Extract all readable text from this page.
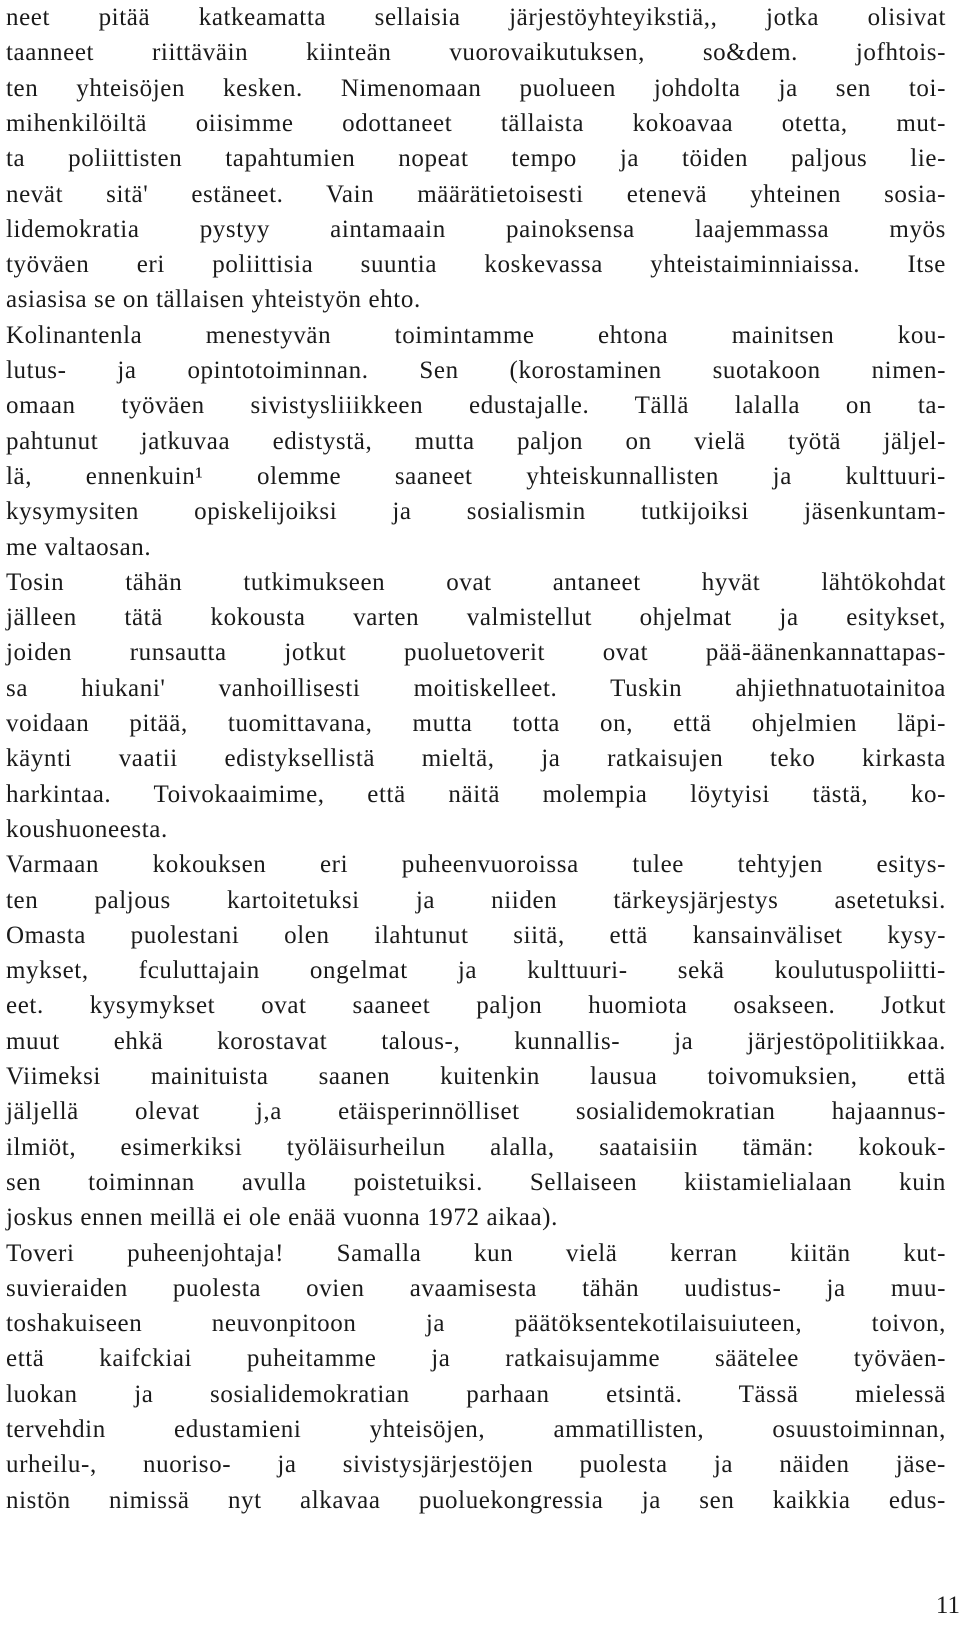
neet pitää katkeamatta sellaisia järjestöyhteyikstiä,, jotka olisivat
taanneet riittäväin kiinteän vuorovaikutuksen, so&dem. jofhtois-
ten yhteisöjen kesken. Nimenomaan puolueen johdolta ja sen toi-
mihenkilöiltä oiisimme odottaneet tällaista kokoavaa otetta, mut-
ta poliittisten tapahtumien nopeat tempo ja töiden paljous lie-
nevät sitä' estäneet. Vain määrätietoisesti etenevä yhteinen sosia-
lidemokratia pystyy aintamaain painoksensa laajemmassa myös
työväen eri poliittisia suuntia koskevassa yhteistaiminniaissa. Itse
asiasisa se on tällaisen yhteistyön ehto.
Kolinantenla menestyvän toimintamme ehtona mainitsen kou-
lutus- ja opintotoiminnan. Sen (korostaminen suotakoon nimen-
omaan työväen sivistysliiikkeen edustajalle. Tällä lalalla on ta-
pahtunut jatkuvaa edistystä, mutta paljon on vielä työtä jäljel-
lä, ennenkuin¹ olemme saaneet yhteiskunnallisten ja kulttuuri-
kysymysiten opiskelijoiksi ja sosialismin tutkijoiksi jäsenkuntam-
me valtaosan.
Tosin tähän tutkimukseen ovat antaneet hyvät lähtökohdat
jälleen tätä kokousta varten valmistellut ohjelmat ja esitykset,
joiden runsautta jotkut puoluetoverit ovat pää-äänenkannattapas-
sa hiukani' vanhoillisesti moitiskelleet. Tuskin ahjiethnatuotainitoa
voidaan pitää, tuomittavana, mutta totta on, että ohjelmien läpi-
käynti vaatii edistyksellistä mieltä, ja ratkaisujen teko kirkasta
harkintaa. Toivokaaimime, että näitä molempia löytyisi tästä, ko-
koushuoneesta.
Varmaan kokouksen eri puheenvuoroissa tulee tehtyjen esitys-
ten paljous kartoitetuksi ja niiden tärkeysjärjestys asetetuksi.
Omasta puolestani olen ilahtunut siitä, että kansainväliset kysy-
mykset, fculuttajain ongelmat ja kulttuuri- sekä koulutuspoliitti-
eet. kysymykset ovat saaneet paljon huomiota osakseen. Jotkut
muut ehkä korostavat talous-, kunnallis- ja järjestöpolitiikkaa.
Viimeksi mainituista saanen kuitenkin lausua toivomuksien, että
jäljellä olevat j,a etäisperinnölliset sosialidemokratian hajaannus-
ilmiöt, esimerkiksi työläisurheilun alalla, saataisiin tämän: kokouk-
sen toiminnan avulla poistetuiksi. Sellaiseen kiistamielialaan kuin
joskus ennen meillä ei ole enää vuonna 1972 aikaa).
Toveri puheenjohtaja! Samalla kun vielä kerran kiitän kut-
suvieraiden puolesta ovien avaamisesta tähän uudistus- ja muu-
toshakuiseen neuvonpitoon ja päätöksentekotilaisuiuteen, toivon,
että kaifckiai puheitamme ja ratkaisujamme säätelee työväen-
luokan ja sosialidemokratian parhaan etsintä. Tässä mielessä
tervehdin edustamieni yhteisöjen, ammatillisten, osuustoiminnan,
urheilu-, nuoriso- ja sivistysjärjestöjen puolesta ja näiden jäse-
nistön nimissä nyt alkavaa puoluekongressia ja sen kaikkia edus-
11
